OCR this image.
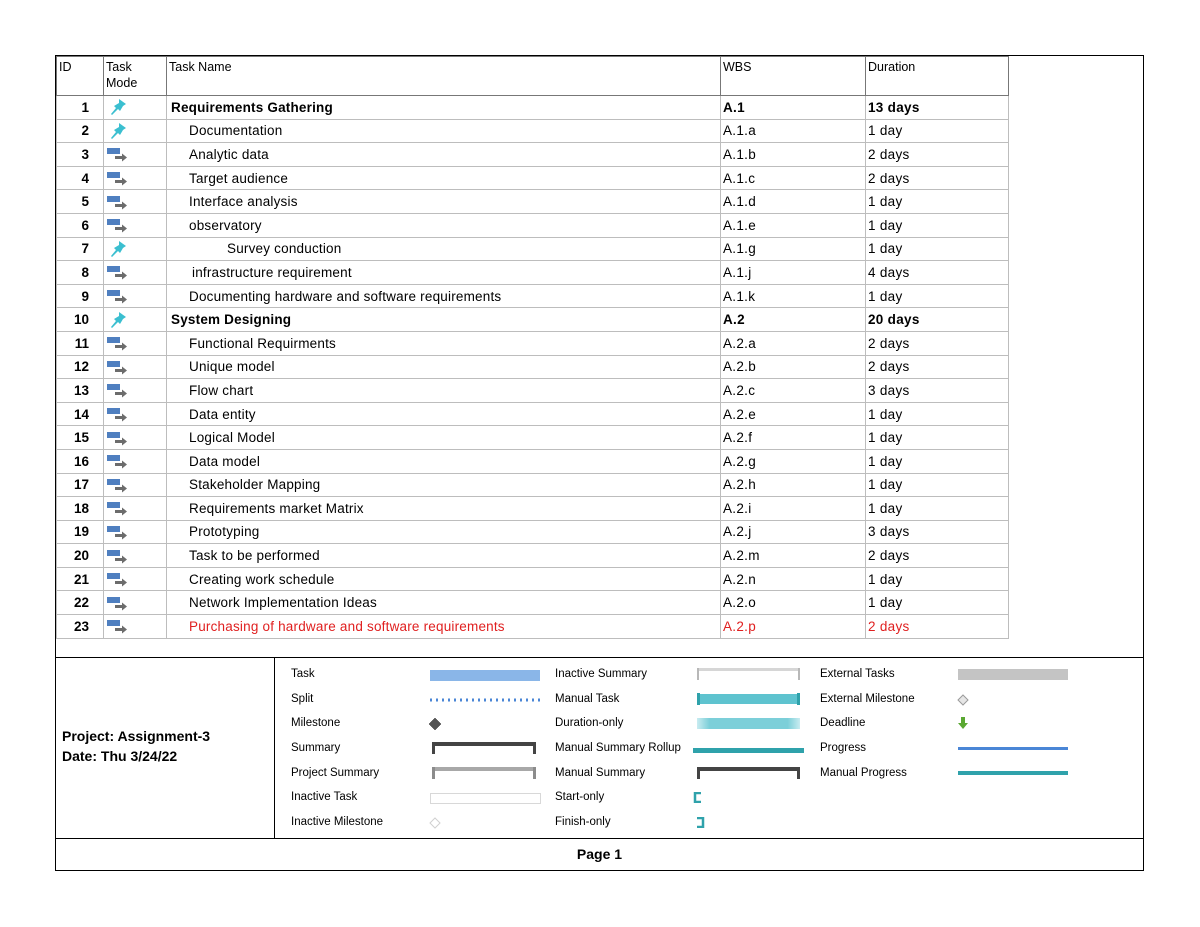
ID	Task Mode	Task Name	WBS	Duration
1		Requirements Gathering	A.1	13 days
2		Documentation	A.1.a	1 day
3		Analytic data	A.1.b	2 days
4		Target audience	A.1.c	2 days
5		Interface analysis	A.1.d	1 day
6		observatory	A.1.e	1 day
7		Survey conduction	A.1.g	1 day
8		infrastructure requirement	A.1.j	4 days
9		Documenting hardware and software requirements	A.1.k	1 day
10		System Designing	A.2	20 days
11		Functional Requirments	A.2.a	2 days
12		Unique model	A.2.b	2 days
13		Flow chart	A.2.c	3 days
14		Data entity	A.2.e	1 day
15		Logical Model	A.2.f	1 day
16		Data model	A.2.g	1 day
17		Stakeholder Mapping	A.2.h	1 day
18		Requirements market Matrix	A.2.i	1 day
19		Prototyping	A.2.j	3 days
20		Task to be performed	A.2.m	2 days
21		Creating work schedule	A.2.n	1 day
22		Network Implementation Ideas	A.2.o	1 day
23		Purchasing of hardware and software requirements	A.2.p	2 days
Project: Assignment-3
Date: Thu 3/24/22
Task
Split
Milestone
Summary
Project Summary
Inactive Task
Inactive Milestone
Inactive Summary
Manual Task
Duration-only
Manual Summary Rollup
Manual Summary
Start-only
Finish-only
External Tasks
External Milestone
Deadline
Progress
Manual Progress
Page 1
